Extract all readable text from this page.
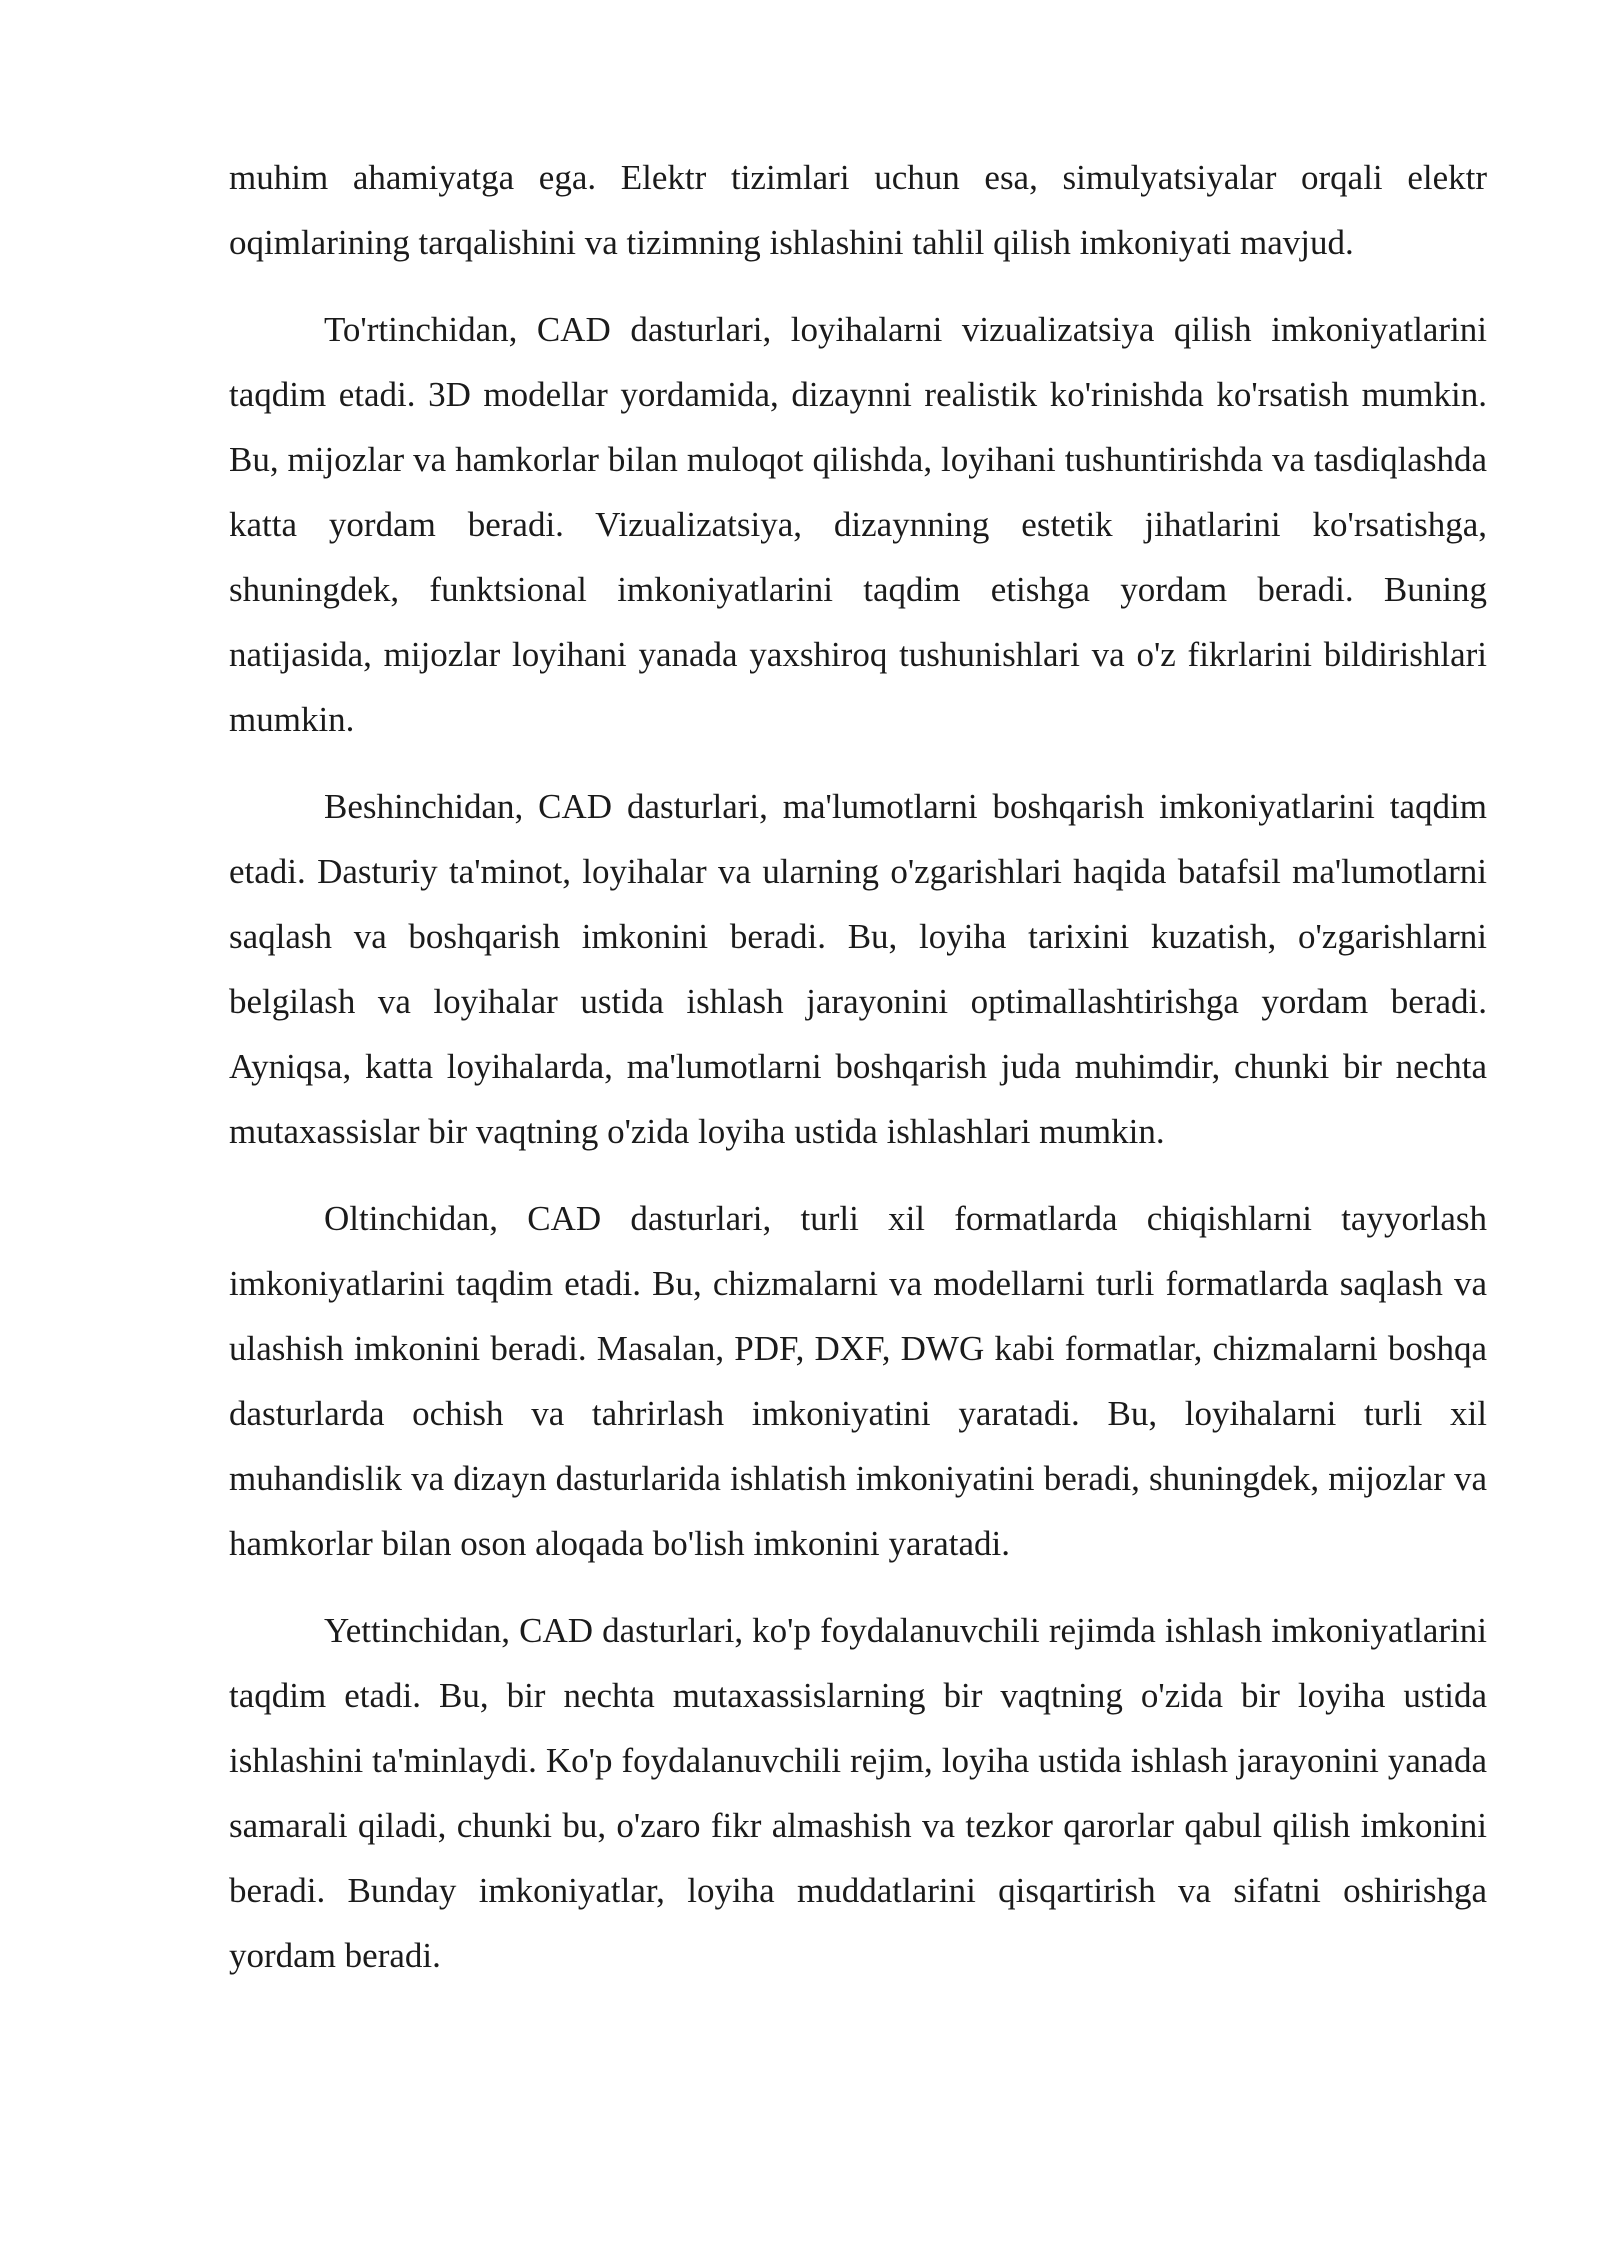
muhim ahamiyatga ega. Elektr tizimlari uchun esa, simulyatsiyalar orqali elektr oqimlarining tarqalishini va tizimning ishlashini tahlil qilish imkoniyati mavjud.

To'rtinchidan, CAD dasturlari, loyihalarni vizualizatsiya qilish imkoniyatlarini taqdim etadi. 3D modellar yordamida, dizaynni realistik ko'rinishda ko'rsatish mumkin. Bu, mijozlar va hamkorlar bilan muloqot qilishda, loyihani tushuntirishda va tasdiqlashda katta yordam beradi. Vizualizatsiya, dizaynning estetik jihatlarini ko'rsatishga, shuningdek, funktsional imkoniyatlarini taqdim etishga yordam beradi. Buning natijasida, mijozlar loyihani yanada yaxshiroq tushunishlari va o'z fikrlarini bildirishlari mumkin.

Beshinchidan, CAD dasturlari, ma'lumotlarni boshqarish imkoniyatlarini taqdim etadi. Dasturiy ta'minot, loyihalar va ularning o'zgarishlari haqida batafsil ma'lumotlarni saqlash va boshqarish imkonini beradi. Bu, loyiha tarixini kuzatish, o'zgarishlarni belgilash va loyihalar ustida ishlash jarayonini optimallashtirishga yordam beradi. Ayniqsa, katta loyihalarda, ma'lumotlarni boshqarish juda muhimdir, chunki bir nechta mutaxassislar bir vaqtning o'zida loyiha ustida ishlashlari mumkin.

Oltinchidan, CAD dasturlari, turli xil formatlarda chiqishlarni tayyorlash imkoniyatlarini taqdim etadi. Bu, chizmalarni va modellarni turli formatlarda saqlash va ulashish imkonini beradi. Masalan, PDF, DXF, DWG kabi formatlar, chizmalarni boshqa dasturlarda ochish va tahrirlash imkoniyatini yaratadi. Bu, loyihalarni turli xil muhandislik va dizayn dasturlarida ishlatish imkoniyatini beradi, shuningdek, mijozlar va hamkorlar bilan oson aloqada bo'lish imkonini yaratadi.

Yettinchidan, CAD dasturlari, ko'p foydalanuvchili rejimda ishlash imkoniyatlarini taqdim etadi. Bu, bir nechta mutaxassislarning bir vaqtning o'zida bir loyiha ustida ishlashini ta'minlaydi. Ko'p foydalanuvchili rejim, loyiha ustida ishlash jarayonini yanada samarali qiladi, chunki bu, o'zaro fikr almashish va tezkor qarorlar qabul qilish imkonini beradi. Bunday imkoniyatlar, loyiha muddatlarini qisqartirish va sifatni oshirishga yordam beradi.
